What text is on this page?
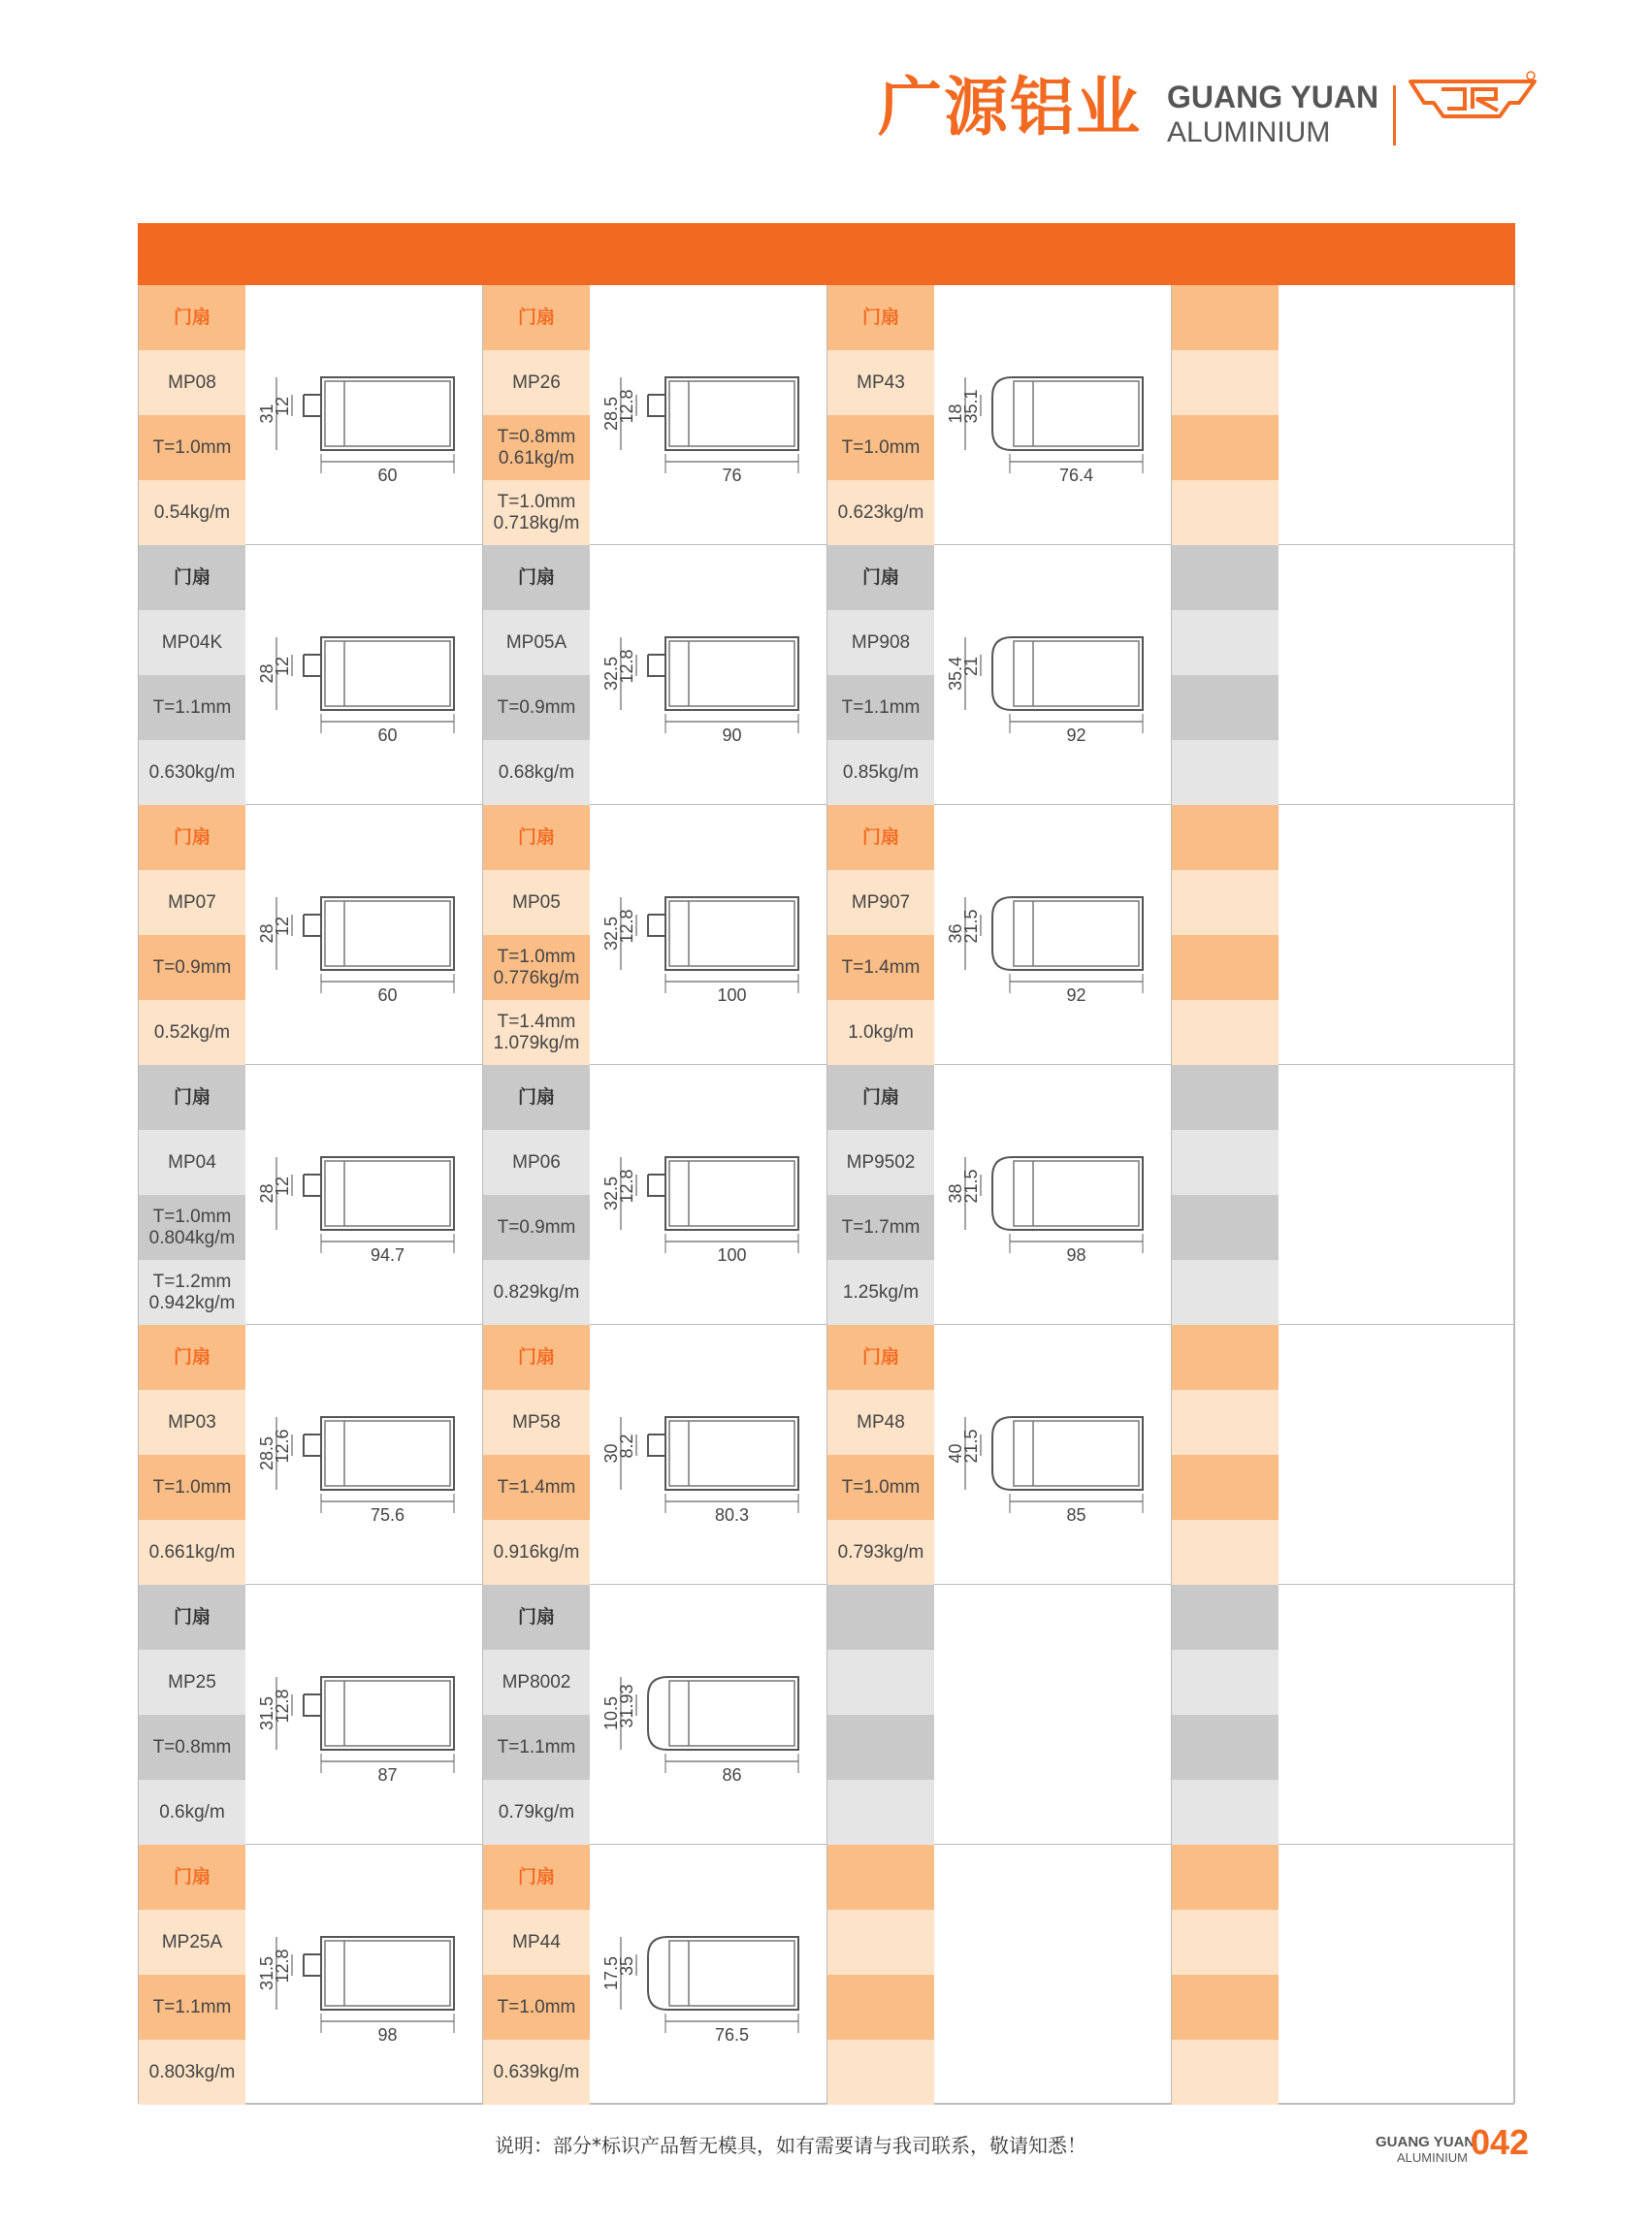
广源铝业 GUANG YUAN
ALUMINIUM
门扇
MP08
T=1.0mm
0.54kg/m
60
31
12
门扇
MP26
T=0.8mm
0.61kg/m
T=1.0mm
0.718kg/m
76
28.5
12.8
门扇
MP43
T=1.0mm
0.623kg/m
76.4
18
35.1
门扇
MP04K
T=1.1mm
0.630kg/m
60
28
12
门扇
MP05A
T=0.9mm
0.68kg/m
90
32.5
12.8
门扇
MP908
T=1.1mm
0.85kg/m
92
35.4
21
门扇
MP07
T=0.9mm
0.52kg/m
60
28
12
门扇
MP05
T=1.0mm
0.776kg/m
T=1.4mm
1.079kg/m
100
32.5
12.8
门扇
MP907
T=1.4mm
1.0kg/m
92
36
21.5
门扇
MP04
T=1.0mm
0.804kg/m
T=1.2mm
0.942kg/m
94.7
28
12
门扇
MP06
T=0.9mm
0.829kg/m
100
32.5
12.8
门扇
MP9502
T=1.7mm
1.25kg/m
98
38
21.5
门扇
MP03
T=1.0mm
0.661kg/m
75.6
28.5
12.6
门扇
MP58
T=1.4mm
0.916kg/m
80.3
30
8.2
门扇
MP48
T=1.0mm
0.793kg/m
85
40
21.5
门扇
MP25
T=0.8mm
0.6kg/m
87
31.5
12.8
门扇
MP8002
T=1.1mm
0.79kg/m
86
10.5
31.93
门扇
MP25A
T=1.1mm
0.803kg/m
98
31.5
12.8
门扇
MP44
T=1.0mm
0.639kg/m
76.5
17.5
35
说明：部分*标识产品暂无模具，如有需要请与我司联系，敬请知悉！	GUANG YUAN
ALUMINIUM 042
